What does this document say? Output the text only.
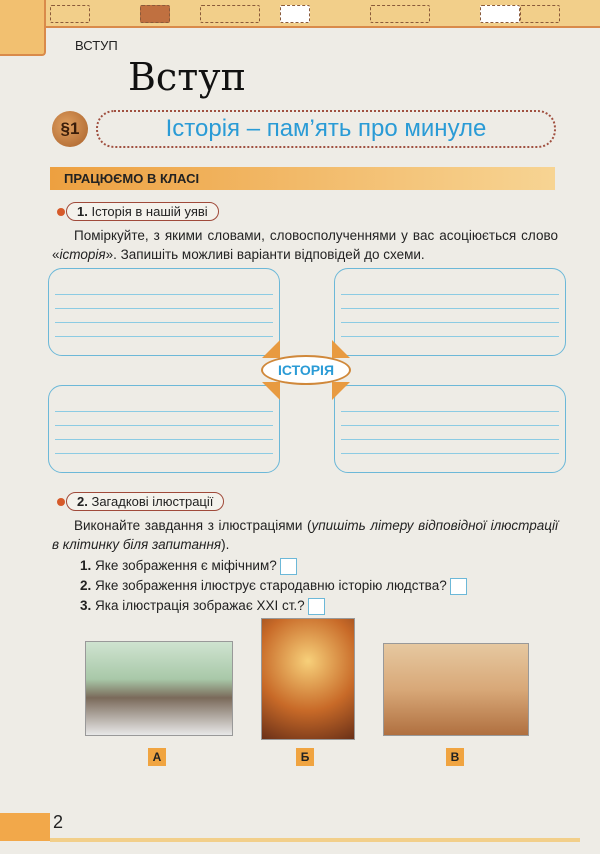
ВСТУП
Вступ
§1	Історія – пам’ять про минуле
ПРАЦЮЄМО В КЛАСІ
1. Історія в нашій уяві
Поміркуйте, з якими словами, словосполученнями у вас асоціюється слово «історія». Запишіть можливі варіанти відповідей до схеми.
ІСТОРІЯ
2. Загадкові ілюстрації
Виконайте завдання з ілюстраціями (упишіть літеру відповідної ілюстрації в клітинку біля запитання).
1. Яке зображення є міфічним?
2. Яке зображення ілюструє стародавню історію людства?
3. Яка ілюстрація зображає XXI ст.?
А	Б	В
2
